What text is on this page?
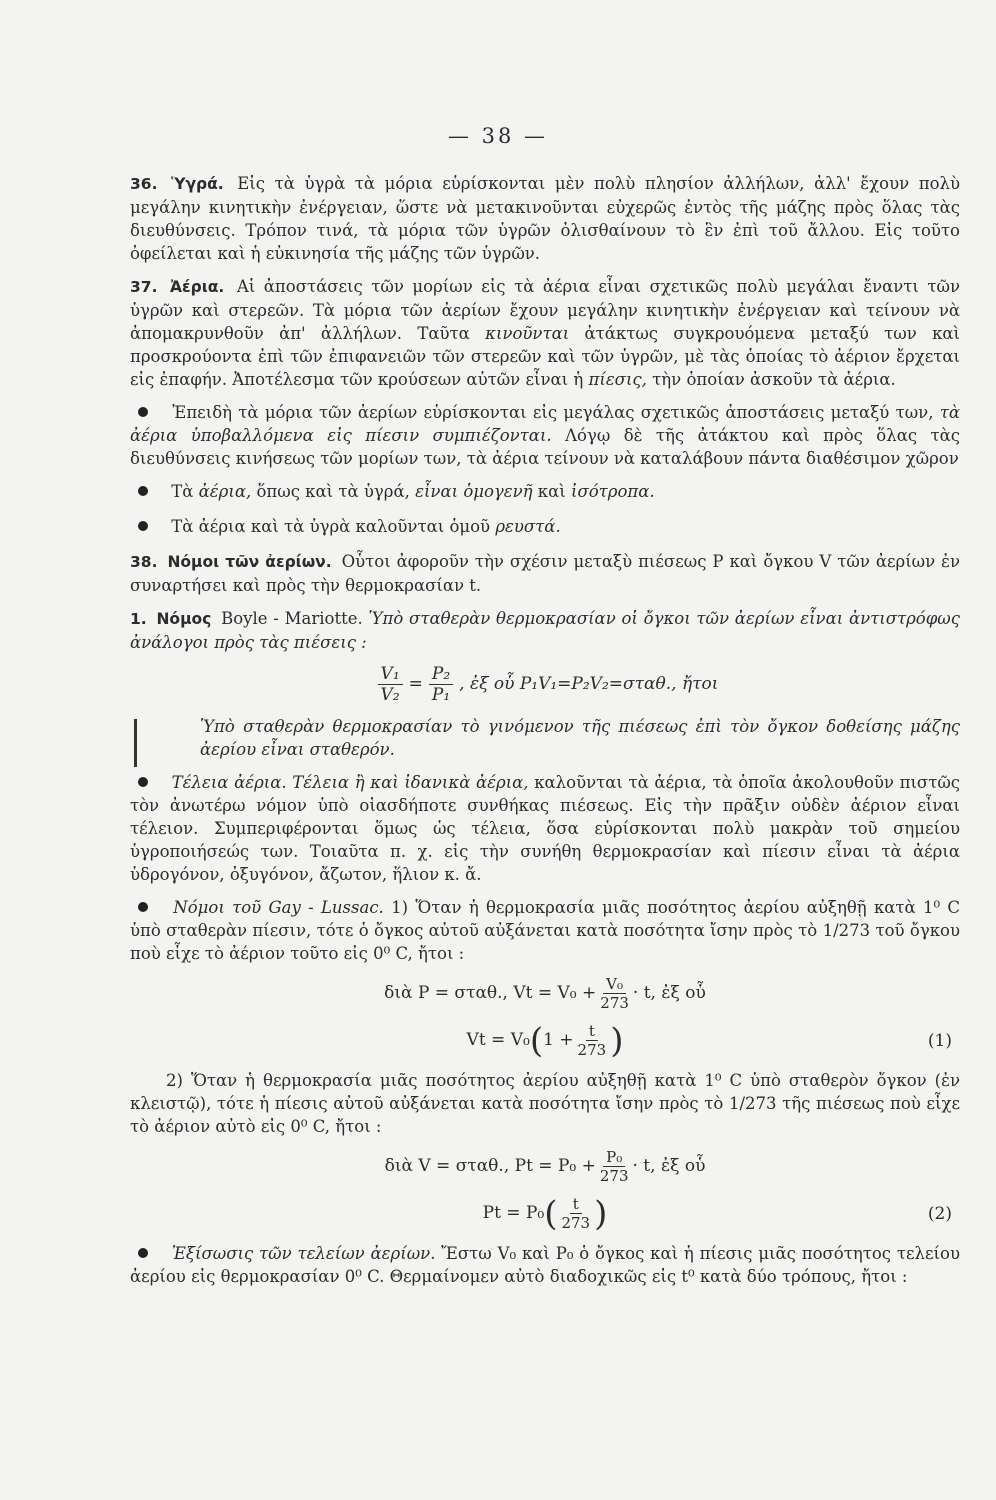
— 38 —

36. Ὑγρά. Εἰς τὰ ὑγρὰ τὰ μόρια εὑρίσκονται μὲν πολὺ πλησίον ἀλλήλων, ἀλλ' ἔχουν πολὺ μεγάλην κινητικὴν ἐνέργειαν, ὥστε νὰ μετακινοῦνται εὐχερῶς ἐντὸς τῆς μάζης πρὸς ὅλας τὰς διευθύνσεις. Τρόπον τινά, τὰ μόρια τῶν ὑγρῶν ὀλισθαίνουν τὸ ἓν ἐπὶ τοῦ ἄλλου. Εἰς τοῦτο ὀφείλεται καὶ ἡ εὐκινησία τῆς μάζης τῶν ὑγρῶν.

37. Ἀέρια. Αἱ ἀποστάσεις τῶν μορίων εἰς τὰ ἀέρια εἶναι σχετικῶς πολὺ μεγάλαι ἔναντι τῶν ὑγρῶν καὶ στερεῶν. Τὰ μόρια τῶν ἀερίων ἔχουν μεγάλην κινητικὴν ἐνέργειαν καὶ τείνουν νὰ ἀπομακρυνθοῦν ἀπ' ἀλλήλων. Ταῦτα κινοῦνται ἀτάκτως συγκρουόμενα μεταξύ των καὶ προσκρούοντα ἐπὶ τῶν ἐπιφανειῶν τῶν στερεῶν καὶ τῶν ὑγρῶν, μὲ τὰς ὁποίας τὸ ἀέριον ἔρχεται εἰς ἐπαφήν. Ἀποτέλεσμα τῶν κρούσεων αὐτῶν εἶναι ἡ πίεσις, τὴν ὁποίαν ἀσκοῦν τὰ ἀέρια.

Ἐπειδὴ τὰ μόρια τῶν ἀερίων εὑρίσκονται εἰς μεγάλας σχετικῶς ἀποστάσεις μεταξύ των, τὰ ἀέρια ὑποβαλλόμενα εἰς πίεσιν συμπιέζονται. Λόγῳ δὲ τῆς ἀτάκτου καὶ πρὸς ὅλας τὰς διευθύνσεις κινήσεως τῶν μορίων των, τὰ ἀέρια τείνουν νὰ καταλάβουν πάντα διαθέσιμον χῶρον

Τὰ ἀέρια, ὅπως καὶ τὰ ὑγρά, εἶναι ὁμογενῆ καὶ ἰσότροπα.

Τὰ ἀέρια καὶ τὰ ὑγρὰ καλοῦνται ὁμοῦ ρευστά.

38. Νόμοι τῶν ἀερίων. Οὗτοι ἀφοροῦν τὴν σχέσιν μεταξὺ πιέσεως P καὶ ὄγκου V τῶν ἀερίων ἐν συναρτήσει καὶ πρὸς τὴν θερμοκρασίαν t.

1. Νόμος Boyle - Mariotte. Ὑπὸ σταθερὰν θερμοκρασίαν οἱ ὄγκοι τῶν ἀερίων εἶναι ἀντιστρόφως ἀνάλογοι πρὸς τὰς πιέσεις :

$\frac{\text{V₁}}{\text{V₂}} = \frac{\text{P₂}}{\text{P₁}}$ , ἐξ οὗ P₁V₁=P₂V₂=σταθ., ἤτοι

Ὑπὸ σταθερὰν θερμοκρασίαν τὸ γινόμενον τῆς πιέσεως ἐπὶ τὸν ὄγκον δοθείσης μάζης ἀερίου εἶναι σταθερόν.

Τέλεια ἀέρια. Τέλεια ἢ καὶ ἰδανικὰ ἀέρια, καλοῦνται τὰ ἀέρια, τὰ ὁποῖα ἀκολουθοῦν πιστῶς τὸν ἀνωτέρω νόμον ὑπὸ οἱασδήποτε συνθήκας πιέσεως. Εἰς τὴν πρᾶξιν οὐδὲν ἀέριον εἶναι τέλειον. Συμπεριφέρονται ὅμως ὡς τέλεια, ὅσα εὑρίσκονται πολὺ μακρὰν τοῦ σημείου ὑγροποιήσεώς των. Τοιαῦτα π. χ. εἰς τὴν συνήθη θερμοκρασίαν καὶ πίεσιν εἶναι τὰ ἀέρια ὑδρογόνον, ὀξυγόνον, ἄζωτον, ἥλιον κ. ἄ.

Νόμοι τοῦ Gay - Lussac. 1) Ὅταν ἡ θερμοκρασία μιᾶς ποσότητος ἀερίου αὐξηθῇ κατὰ 1⁰ C ὑπὸ σταθερὰν πίεσιν, τότε ὁ ὄγκος αὐτοῦ αὐξάνεται κατὰ ποσότητα ἴσην πρὸς τὸ 1/273 τοῦ ὄγκου ποὺ εἶχε τὸ ἀέριον τοῦτο εἰς 0⁰ C, ἤτοι :

διὰ P = σταθ., $Vt = V_0 + \frac{\text{V₀}}{273} \cdot t$, ἐξ οὗ
Vt = V₀ ( $1 + \frac{t}{273}$ )	(1)

2) Ὅταν ἡ θερμοκρασία μιᾶς ποσότητος ἀερίου αὐξηθῇ κατὰ 1⁰ C ὑπὸ σταθερὸν ὄγκον (ἐν κλειστῷ), τότε ἡ πίεσις αὐτοῦ αὐξάνεται κατὰ ποσότητα ἴσην πρὸς τὸ 1/273 τῆς πιέσεως ποὺ εἶχε τὸ ἀέριον αὐτὸ εἰς 0⁰ C, ἤτοι :

διὰ V = σταθ., $Pt = P_0 + \frac{\text{P₀}}{273} \cdot t$, ἐξ οὗ
Pt = P₀ ( $\frac{t}{273}$ )	(2)

Ἐξίσωσις τῶν τελείων ἀερίων. Ἔστω V₀ καὶ P₀ ὁ ὄγκος καὶ ἡ πίεσις μιᾶς ποσότητος τελείου ἀερίου εἰς θερμοκρασίαν 0⁰ C. Θερμαίνομεν αὐτὸ διαδοχικῶς εἰς t⁰ κατὰ δύο τρόπους, ἤτοι :
